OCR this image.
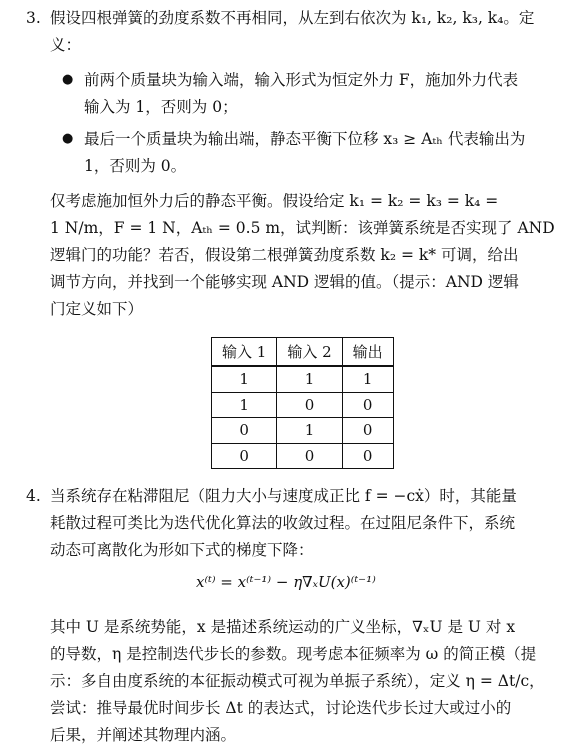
3. 假设四根弹簧的劲度系数不再相同，从左到右依次为 k₁, k₂, k₃, k₄。定
义：
● 前两个质量块为输入端，输入形式为恒定外力 F，施加外力代表
输入为 1，否则为 0；
● 最后一个质量块为输出端，静态平衡下位移 x₃ ≥ Aₜₕ 代表输出为
1，否则为 0。
仅考虑施加恒外力后的静态平衡。假设给定 k₁ = k₂ = k₃ = k₄ =
1 N/m，F = 1 N，Aₜₕ = 0.5 m，试判断：该弹簧系统是否实现了 AND
逻辑门的功能？若否，假设第二根弹簧劲度系数 k₂ = k* 可调，给出
调节方向，并找到一个能够实现 AND 逻辑的值。（提示：AND 逻辑
门定义如下）
输入 1	输入 2	输出
1	1	1
1	0	0
0	1	0
0	0	0
4. 当系统存在粘滞阻尼（阻力大小与速度成正比 f = −cẋ）时，其能量
耗散过程可类比为迭代优化算法的收敛过程。在过阻尼条件下，系统
动态可离散化为形如下式的梯度下降：
x⁽ᵗ⁾ = x⁽ᵗ⁻¹⁾ − η∇ₓU(x)⁽ᵗ⁻¹⁾
其中 U 是系统势能，x 是描述系统运动的广义坐标，∇ₓU 是 U 对 x
的导数，η 是控制迭代步长的参数。现考虑本征频率为 ω 的简正模（提
示：多自由度系统的本征振动模式可视为单振子系统），定义 η = Δt/c，
尝试：推导最优时间步长 Δt 的表达式，讨论迭代步长过大或过小的
后果，并阐述其物理内涵。
